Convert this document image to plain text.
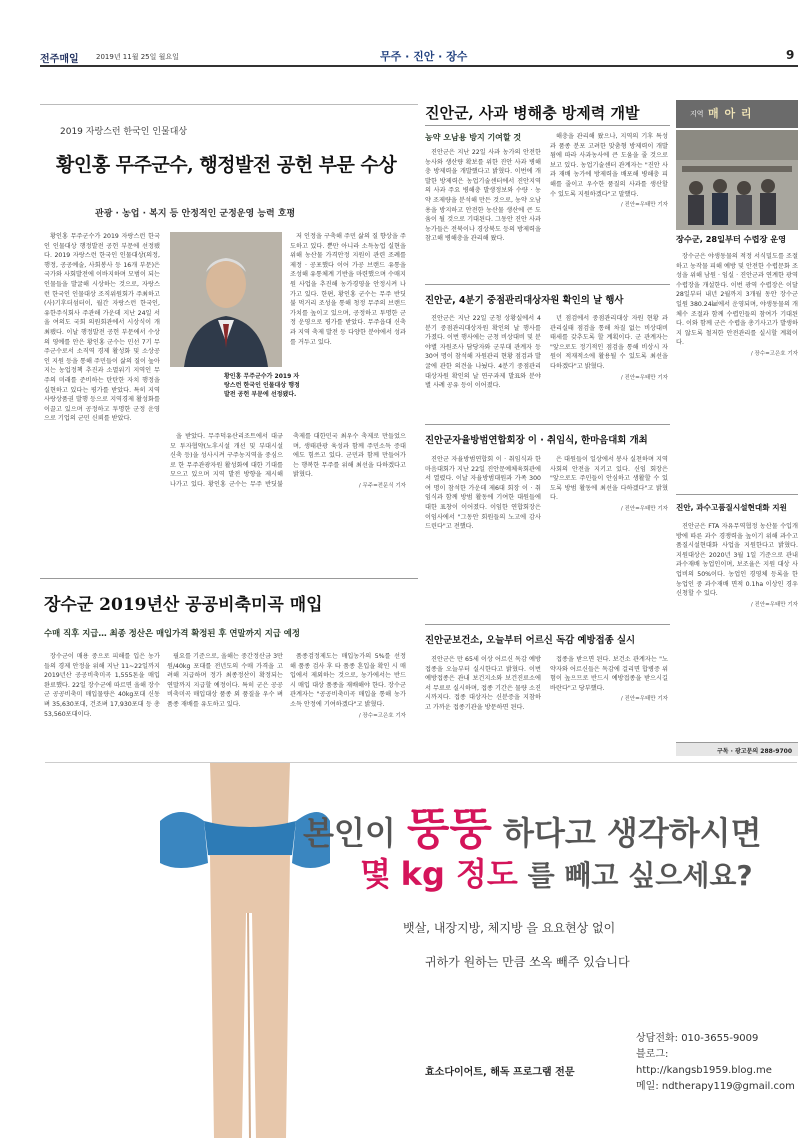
전주매일 2019년 11월 25일 월요일	무주 · 진안 · 장수	9
2019 자랑스런 한국인 인물대상
황인홍 무주군수, 행정발전 공헌 부문 수상
관광 · 농업 · 복지 등 안정적인 군정운영 능력 호평

황인홍 무주군수가 2019 자랑스런 한국인 인물대상 행정발전 공헌 부문에 선정됐다. 2019 자랑스런 한국인 인물대상(의정, 행정, 공공예술, 사회봉사 등 16개 부문)은 국가와 사회발전에 이바지하며 모범이 되는 인물들을 발굴해 시상하는 것으로, 자랑스런 한국인 인물대상 조직위원회가 주최하고 (사)기후더섬터이, 월간 자랑스런 한국인, 유한주식회사 주관해 가운데 지난 24일 서울 여의도 국회 의원회관에서 시상식이 개최됐다. 이날 행정발전 공헌 부문에서 수상의 영예를 안은 황인홍 군수는 민선 7기 무주군수로서 소직역 경제 활성화 및 소상공인 지원 등을 통해 주민들이 삶의 질이 높아지는 농업정책 추진과 소멸위기 지역인 무주의 미래를 준비하는 탄탄한 자치 행정을 실현하고 있다는 평가를 받았다. 특히 지역사랑상품권 발행 등으로 지역경제 활성화를 이끌고 있으며 공정하고 투명한 군정 운영으로 기업의 군민 신뢰를 받았다.

황인홍 무주군수가 2019 자랑스런 한국인 인물대상 행정발전 공헌 부문에 선정됐다.

저 인정을 구축해 주민 삶의 질 향상을 주도하고 있다. 뿐만 아니라 소득농업 실현을 위해 농산물 가격안정 지원이 관련 조례를 제정 · 공포했다 이어 가공 브랜드 유통을 조성해 유통체계 기반을 마련했으며 수매지원 사업을 추진해 농가경영을 안정시켜 나가고 있다. 한편, 황인홍 군수는 무주 반딧불 먹거리 조성을 통해 청정 무주의 브랜드 가치를 높이고 있으며, 공정하고 투명한 군정 운영으로 평가를 받았다. 무주읍대 신축과 지역 축제 발전 등 다양한 분야에서 성과를 거두고 있다.

을 받았다. 무주덕유산리조트에서 대규모 투자협약(노후시설 개선 및 부대시설 신축 등)을 성사시켜 구주농지역을 중심으로 한 무주관광자원 활성화에 대한 기대를 모으고 있으며 지역 발전 방향을 제시해 나가고 있다. 황인홍 군수는 무주 반딧불축제를 대한민국 최우수 축제로 만들었으며, 생태관광 육성과 함께 주민소득 증대에도 힘쓰고 있다. 군민과 함께 만들어가는 행복한 무주를 위해 최선을 다하겠다고 밝혔다.

/ 무주=전문식 기자

장수군 2019년산 공공비축미곡 매입
수매 직후 지급… 최종 정산은 매입가격 확정된 후 연말까지 지급 예정

장수군이 매용 중으로 피해를 입은 농가들의 경제 안정을 위해 지난 11~22일까지 2019년산 공공비축미곡 1,555톤을 매입 완료했다. 22일 장수군에 따르면 올해 장수군 공공비축미 매입물량은 40kg포대 신동벼 35,630포대, 건조벼 17,930포대 등 총 53,560포대이다.

필요를 기준으로, 올해는 중간정산금 3만원/40kg 포대를 전년도의 수매 가격을 고려해 지급하며 정가 최종정산이 확정되는 연말까지 지급할 예정이다. 특히 군은 공공비축미곡 매입대상 품종 외 품질을 우수 벼 품종 재배를 유도하고 있다.

품종검정제도는 매입농가의 5%를 선정해 품종 검사 후 타 품종 혼입을 확인 시 매입에서 제외하는 것으로, 농가에서는 반드시 매입 대상 품종을 재배해야 한다. 장수군 관계자는 "공공비축미곡 매입을 통해 농가 소득 안정에 기여하겠다"고 밝혔다.

/ 장수=고은호 기자

진안군, 사과 병해충 방제력 개발
농약 오남용 방지 기여할 것

진안군은 지난 22일 사과 농가의 안전한 농사와 생산량 확보를 위한 진안 사과 병해충 방제력을 개발했다고 밝혔다. 이번에 개발한 방제력은 농업기술센터에서 진안지역의 사과 주요 병해충 발생정보와 수량 · 농약 조제량을 분석해 만든 것으로, 농약 오남용을 방지하고 안전한 농산물 생산에 큰 도움이 될 것으로 기대된다. 그동안 진안 사과농가들은 전북이나 경상북도 등의 방제력을 참고해 병해충을 관리해 왔다.

해충을 관리해 왔으나, 지역의 기후 특성과 품종 분포 고려한 맞춤형 방제력이 개발됨에 따라 사과농사에 큰 도움을 줄 것으로 보고 있다. 농업기술센터 관계자는 "진안 사과 재배 농가에 방제력을 배포해 병해충 피해를 줄이고 우수한 품질의 사과를 생산할 수 있도록 지원하겠다"고 말했다.

/ 진안=우태만 기자

진안군, 4분기 중점관리대상자원 확인의 날 행사

진안군은 지난 22일 군청 상황실에서 4분기 중점관리대상자원 확인의 날 행사를 가졌다. 이번 행사에는 군청 비상대비 및 분야별 자원조사 담당자와 군부대 관계자 등 30여 명이 참석해 자원관리 현황 점검과 발굴에 관한 의견을 나눴다. 4분기 중점관리대상자원 확인의 날 연구과제 발표와 분야별 사례 공유 등이 이어졌다.

년 점검에서 중점관리대상 자원 현황 과 관리실태 점검을 통해 차질 없는 비상대비 태세를 갖추도록 할 계획이다. 군 관계자는 "앞으로도 정기적인 점검을 통해 비상시 자원이 적재적소에 활용될 수 있도록 최선을 다하겠다"고 밝혔다.

/ 진안=우태만 기자

진안군자율방범연합회장 이 · 취임식, 한마음대회 개최

진안군 자율방범연합회 이 · 취임식과 한마음대회가 지난 22일 진안문예체육회관에서 열렸다. 이날 자율방범대원과 가족 300여 명이 참석한 가운데 제6대 회장 이 · 취임식과 함께 방범 활동에 기여한 대원들에 대한 표창이 이어졌다. 이임한 연합회장은 이임사에서 "그동안 회원들의 노고에 감사드린다"고 전했다.

은 대원들이 일상에서 봉사 실천하며 지역사회의 안전을 지키고 있다. 신임 회장은 "앞으로도 주민들이 안심하고 생활할 수 있도록 방범 활동에 최선을 다하겠다"고 밝혔다.

/ 진안=우태만 기자

진안군보건소, 오늘부터 어르신 독감 예방접종 실시

진안군은 만 65세 이상 어르신 독감 예방접종을 오늘부터 실시한다고 밝혔다. 이번 예방접종은 관내 보건지소와 보건진료소에서 무료로 실시하며, 접종 기간은 물량 소진 시까지다. 접종 대상자는 신분증을 지참하고 가까운 접종기관을 방문하면 된다.

접종을 받으면 된다. 보건소 관계자는 "노약자와 어르신들은 독감에 걸리면 합병증 위험이 높으므로 반드시 예방접종을 받으시길 바란다"고 당부했다.

/ 진안=우태만 기자

지역 매 아 리
장수군, 28일부터 수렵장 운영

장수군은 야생동물의 적정 서식밀도를 조절하고 농작물 피해 예방 및 안전한 수렵문화 조성을 위해 남원 · 임실 · 진안군과 연계한 광역 수렵장을 개설한다. 이번 광역 수렵장은 이달 28일부터 내년 2월까지 3개월 동안 장수군 일원 380.24㎢에서 운영되며, 야생동물의 개체수 조절과 함께 수렵인들의 참여가 기대된다. 이와 함께 군은 수렵을 총기사고가 발생하지 않도록 철저한 안전관리를 실시할 계획이다.

/ 장수=고은호 기자

진안, 과수고품질시설현대화 지원

진안군은 FTA 자유무역협정 농산물 수입개방에 따른 과수 경쟁력을 높이기 위해 과수고품질시설현대화 사업을 지원한다고 밝혔다. 지원대상은 2020년 3월 1일 기준으로 관내 과수재배 농업인이며, 보조율은 지원 대상 사업비의 50%이다. 농업인 경영체 등록을 한 농업인 중 과수재배 면적 0.1ha 이상인 경우 신청할 수 있다.

/ 진안=우태만 기자

구독 · 광고문의 288-9700
본인이 뚱뚱 하다고 생각하시면
몇 kg 정도 를 빼고 싶으세요?
뱃살, 내장지방, 체지방 을 요요현상 없이
귀하가 원하는 만큼 쏘옥 빼주 있습니다
효소다이어트, 해독 프로그램 전문
상담전화: 010-3655-9009
블로그: http://kangsb1959.blog.me
메일: ndtherapy119@gmail.com
